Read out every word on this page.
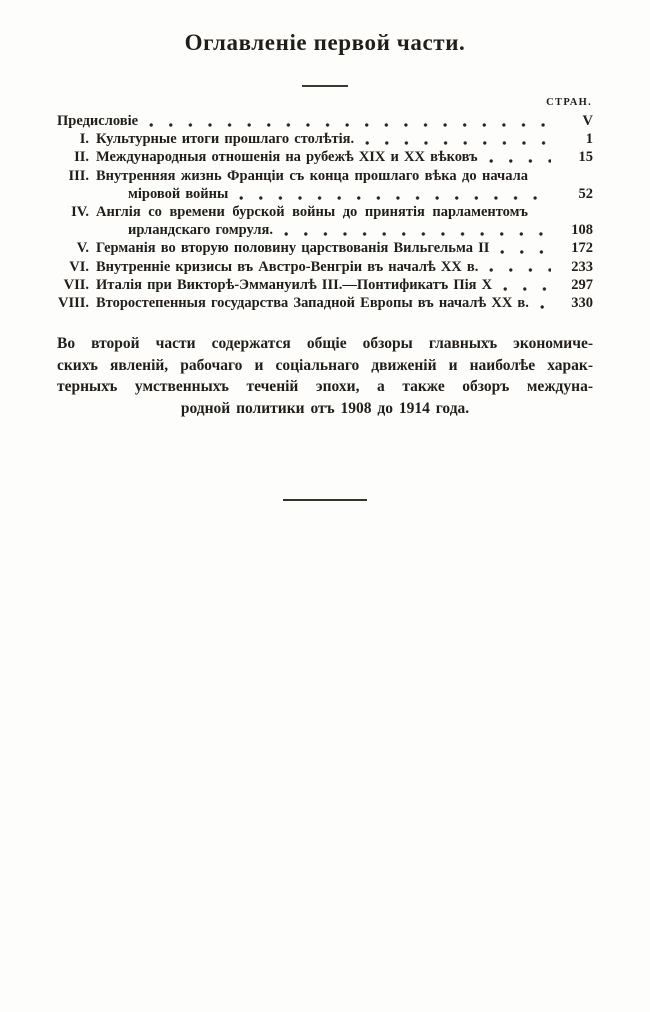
Оглавленіе первой части.
СТРАН.
Предисловіе	V
I. Культурные итоги прошлаго столѣтія.	1
II. Международныя отношенія на рубежѣ XIX и XX вѣковъ	15
III. Внутренняя жизнь Франціи съ конца прошлаго вѣка до начала
міровой войны	52
IV. Англія со времени бурской войны до принятія парламентомъ
ирландскаго гомруля.	108
V. Германія во вторую половину царствованія Вильгельма II	172
VI. Внутренніе кризисы въ Австро-Венгріи въ началѣ XX в.	233
VII. Италія при Викторѣ-Эммануилѣ III.—Понтификатъ Пія X	297
VIII. Второстепенныя государства Западной Европы въ началѣ XX в.	330
Во второй части содержатся общіе обзоры главныхъ экономиче-
скихъ явленій, рабочаго и соціальнаго движеній и наиболѣе харак-
терныхъ умственныхъ теченій эпохи, а также обзоръ междуна-
родной политики отъ 1908 до 1914 года.
